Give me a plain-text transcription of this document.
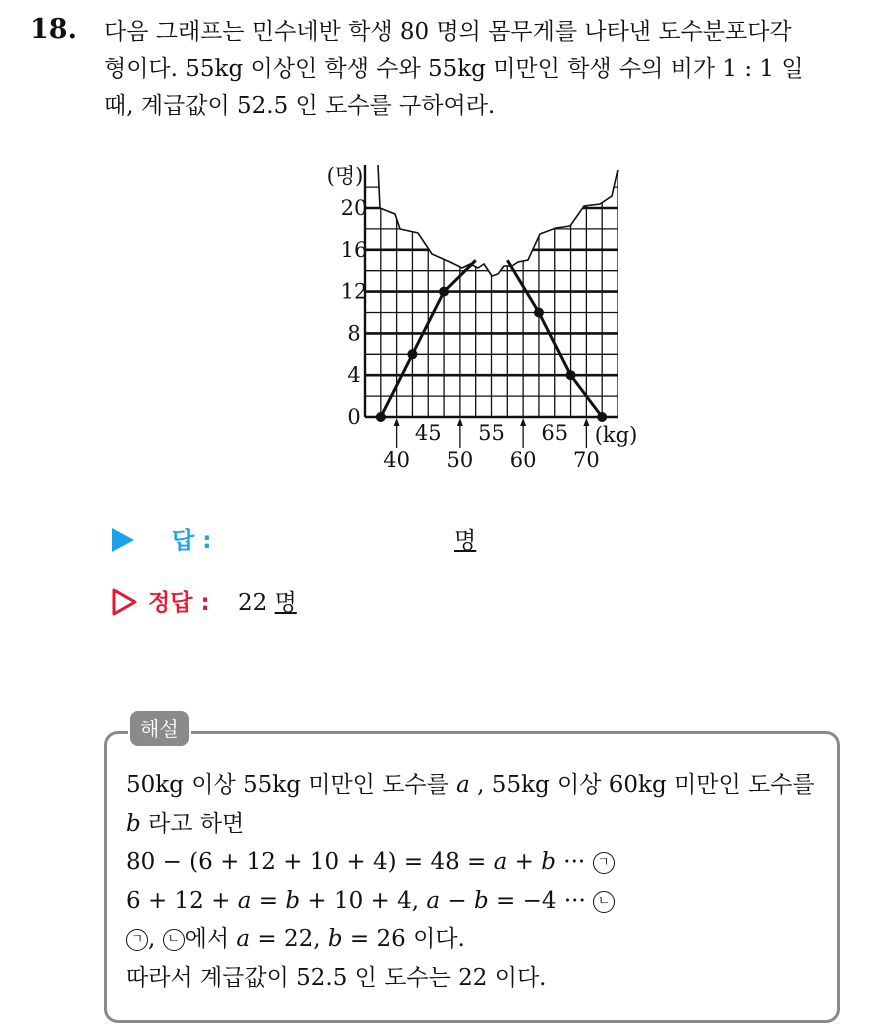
18. 다음 그래프는 민수네반 학생 80 명의 몸무게를 나타낸 도수분포다각
형이다. 55kg 이상인 학생 수와 55kg 미만인 학생 수의 비가 1 : 1 일
때, 계급값이 52.5 인 도수를 구하여라.
0
4
8
12
16
20
(명)
45 55 65
40 50 60 70
(kg)
답 :	명
정답 : 22 명
해설
50kg 이상 55kg 미만인 도수를 a , 55kg 이상 60kg 미만인 도수를
b 라고 하면
80 − (6 + 12 + 10 + 4) = 48 = a + b ··· ㄱ
6 + 12 + a = b + 10 + 4, a − b = −4 ··· ㄴ
ㄱ , ㄴ 에서 a = 22, b = 26 이다.
따라서 계급값이 52.5 인 도수는 22 이다.
